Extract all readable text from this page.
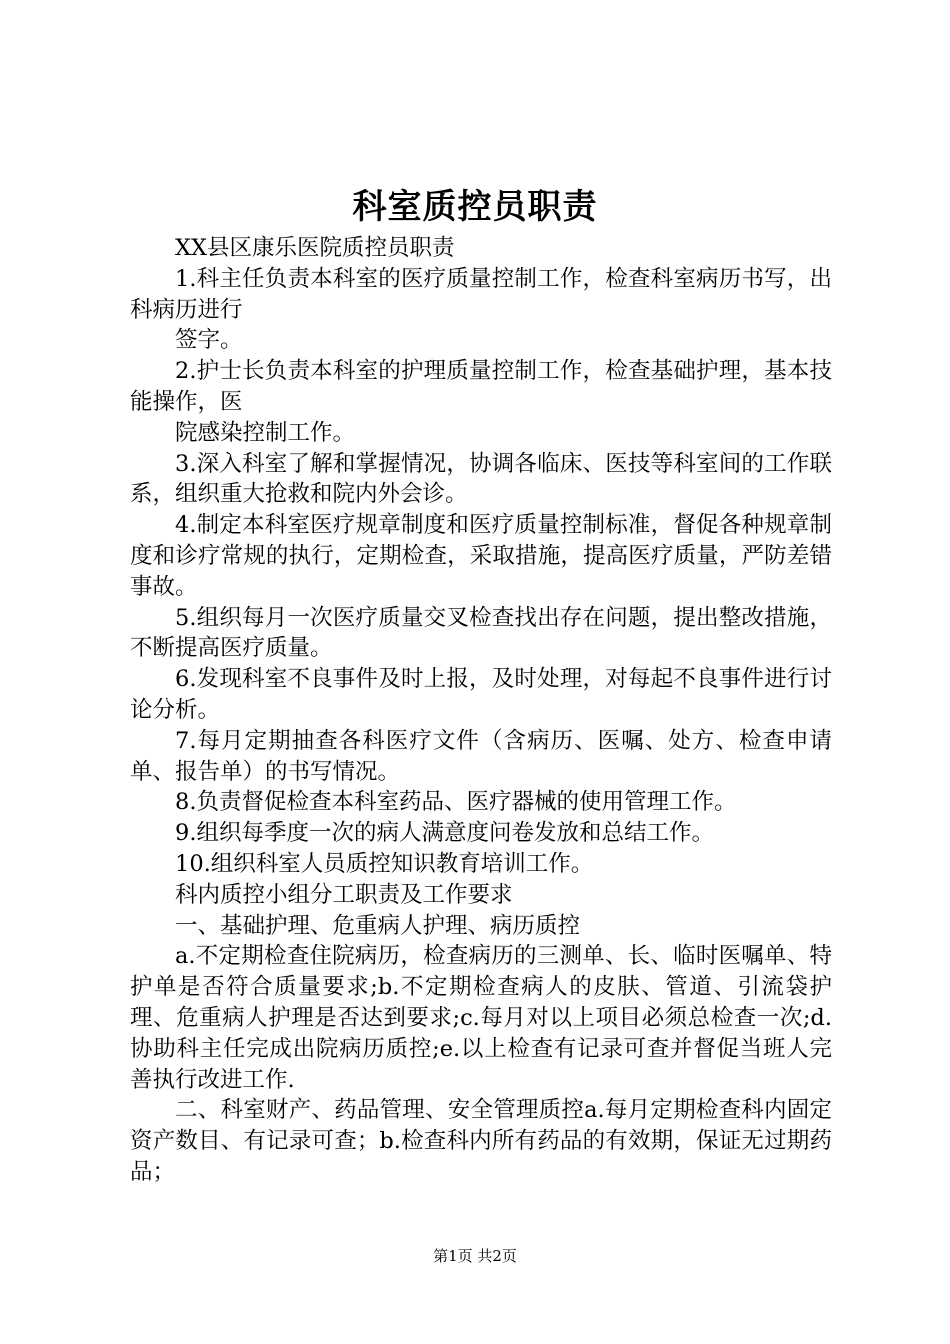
科室质控员职责

XX县区康乐医院质控员职责

1.科主任负责本科室的医疗质量控制工作，检查科室病历书写，出科病历进行

签字。

2.护士长负责本科室的护理质量控制工作，检查基础护理，基本技能操作，医

院感染控制工作。

3.深入科室了解和掌握情况，协调各临床、医技等科室间的工作联系，组织重大抢救和院内外会诊。

4.制定本科室医疗规章制度和医疗质量控制标准，督促各种规章制度和诊疗常规的执行，定期检查，采取措施，提高医疗质量，严防差错事故。

5.组织每月一次医疗质量交叉检查找出存在问题，提出整改措施，不断提高医疗质量。

6.发现科室不良事件及时上报，及时处理，对每起不良事件进行讨论分析。

7.每月定期抽查各科医疗文件（含病历、医嘱、处方、检查申请单、报告单）的书写情况。

8.负责督促检查本科室药品、医疗器械的使用管理工作。

9.组织每季度一次的病人满意度问卷发放和总结工作。

10.组织科室人员质控知识教育培训工作。

科内质控小组分工职责及工作要求

一、基础护理、危重病人护理、病历质控

a.不定期检查住院病历，检查病历的三测单、长、临时医嘱单、特护单是否符合质量要求;b.不定期检查病人的皮肤、管道、引流袋护理、危重病人护理是否达到要求;c.每月对以上项目必须总检查一次;d.协助科主任完成出院病历质控;e.以上检查有记录可查并督促当班人完善执行改进工作.

二、科室财产、药品管理、安全管理质控a.每月定期检查科内固定资产数目、有记录可查；b.检查科内所有药品的有效期，保证无过期药品；

第1页 共2页
